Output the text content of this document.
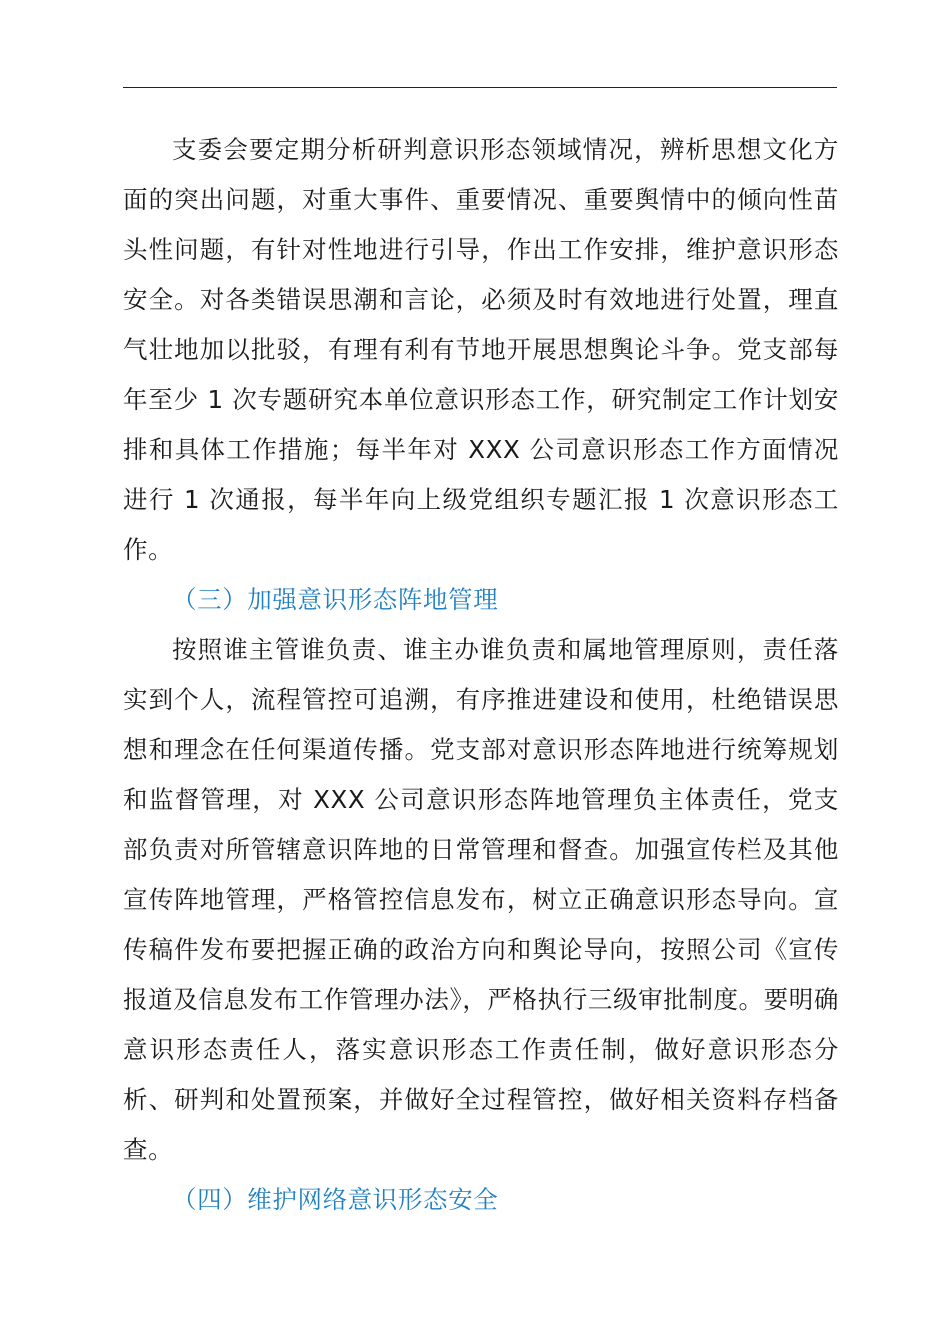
支委会要定期分析研判意识形态领域情况，辨析思想文化方面的突出问题，对重大事件、重要情况、重要舆情中的倾向性苗头性问题，有针对性地进行引导，作出工作安排，维护意识形态安全。对各类错误思潮和言论，必须及时有效地进行处置，理直气壮地加以批驳，有理有利有节地开展思想舆论斗争。党支部每年至少 1 次专题研究本单位意识形态工作，研究制定工作计划安排和具体工作措施；每半年对 XXX 公司意识形态工作方面情况进行 1 次通报，每半年向上级党组织专题汇报 1 次意识形态工作。

（三）加强意识形态阵地管理

按照谁主管谁负责、谁主办谁负责和属地管理原则，责任落实到个人，流程管控可追溯，有序推进建设和使用，杜绝错误思想和理念在任何渠道传播。党支部对意识形态阵地进行统筹规划和监督管理，对 XXX 公司意识形态阵地管理负主体责任，党支部负责对所管辖意识阵地的日常管理和督查。加强宣传栏及其他宣传阵地管理，严格管控信息发布，树立正确意识形态导向。宣传稿件发布要把握正确的政治方向和舆论导向，按照公司《宣传报道及信息发布工作管理办法》，严格执行三级审批制度。要明确意识形态责任人，落实意识形态工作责任制，做好意识形态分析、研判和处置预案，并做好全过程管控，做好相关资料存档备查。

（四）维护网络意识形态安全
